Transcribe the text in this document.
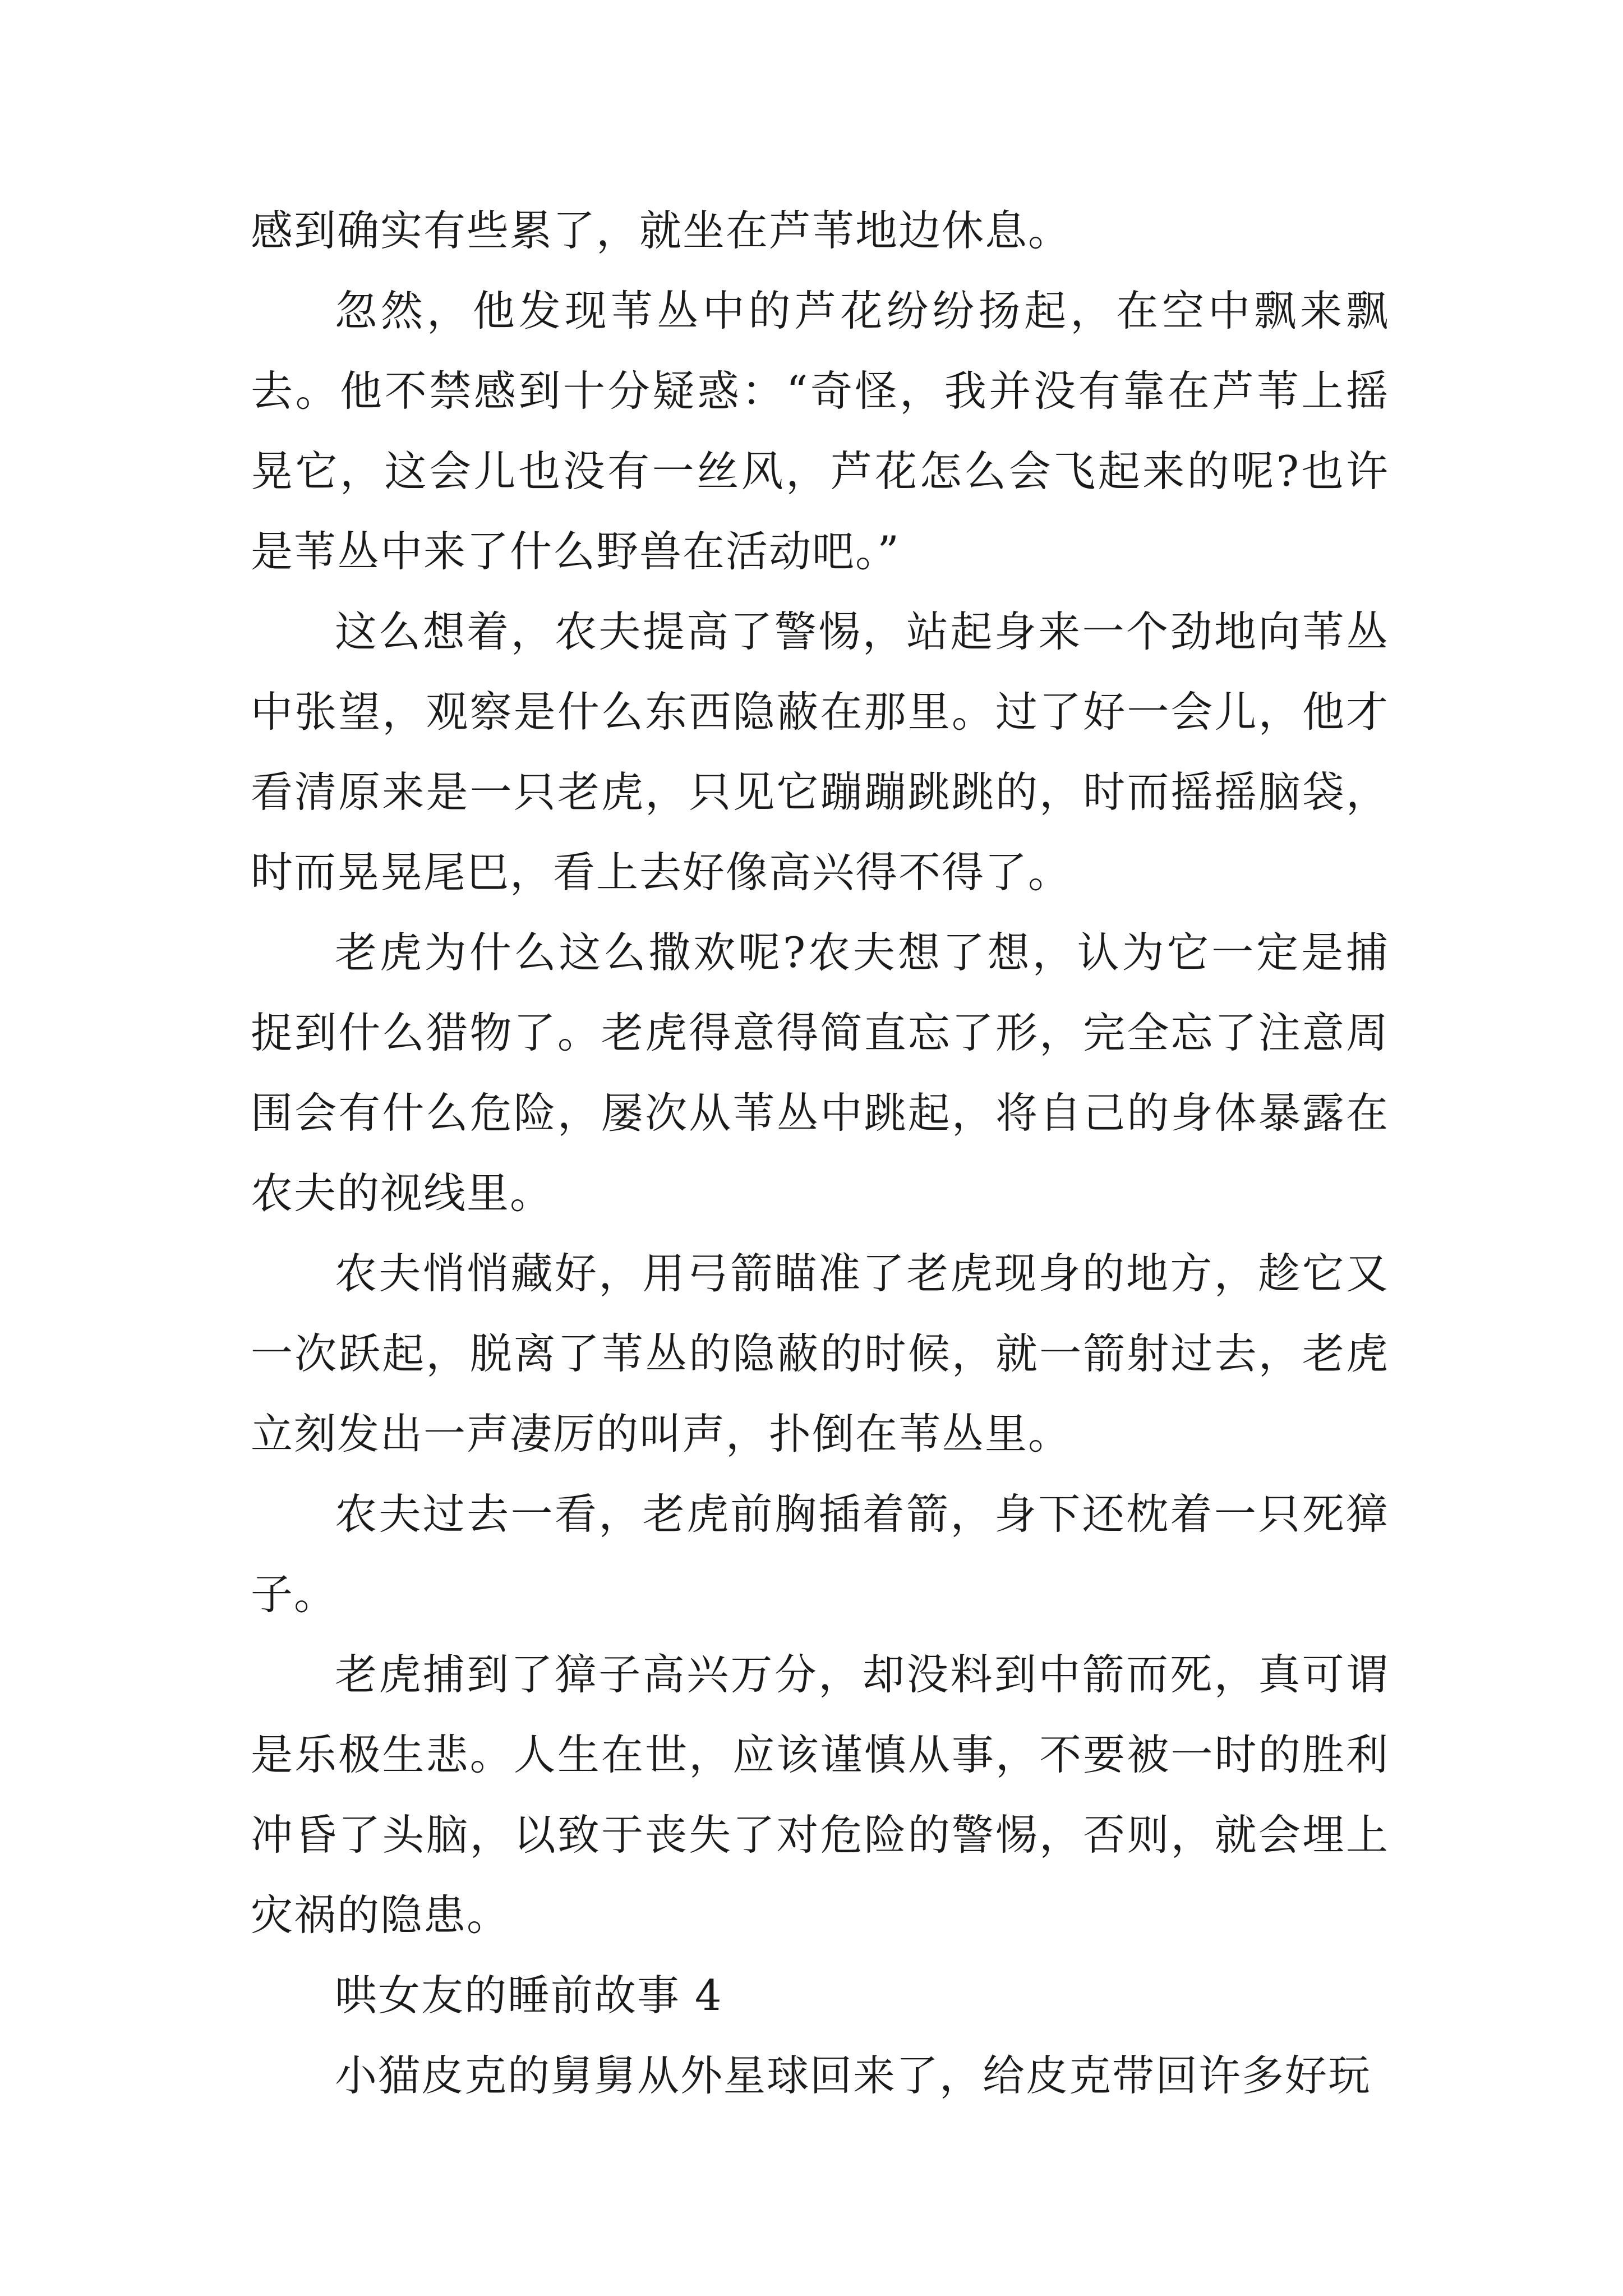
感到确实有些累了，就坐在芦苇地边休息。

忽然，他发现苇丛中的芦花纷纷扬起，在空中飘来飘去。他不禁感到十分疑惑：“奇怪，我并没有靠在芦苇上摇晃它，这会儿也没有一丝风，芦花怎么会飞起来的呢?也许是苇丛中来了什么野兽在活动吧。”

这么想着，农夫提高了警惕，站起身来一个劲地向苇丛中张望，观察是什么东西隐蔽在那里。过了好一会儿，他才看清原来是一只老虎，只见它蹦蹦跳跳的，时而摇摇脑袋，时而晃晃尾巴，看上去好像高兴得不得了。

老虎为什么这么撒欢呢?农夫想了想，认为它一定是捕捉到什么猎物了。老虎得意得简直忘了形，完全忘了注意周围会有什么危险，屡次从苇丛中跳起，将自己的身体暴露在农夫的视线里。

农夫悄悄藏好，用弓箭瞄准了老虎现身的地方，趁它又一次跃起，脱离了苇丛的隐蔽的时候，就一箭射过去，老虎立刻发出一声凄厉的叫声，扑倒在苇丛里。

农夫过去一看，老虎前胸插着箭，身下还枕着一只死獐子。

老虎捕到了獐子高兴万分，却没料到中箭而死，真可谓是乐极生悲。人生在世，应该谨慎从事，不要被一时的胜利冲昏了头脑，以致于丧失了对危险的警惕，否则，就会埋上灾祸的隐患。

哄女友的睡前故事 4

小猫皮克的舅舅从外星球回来了，给皮克带回许多好玩
